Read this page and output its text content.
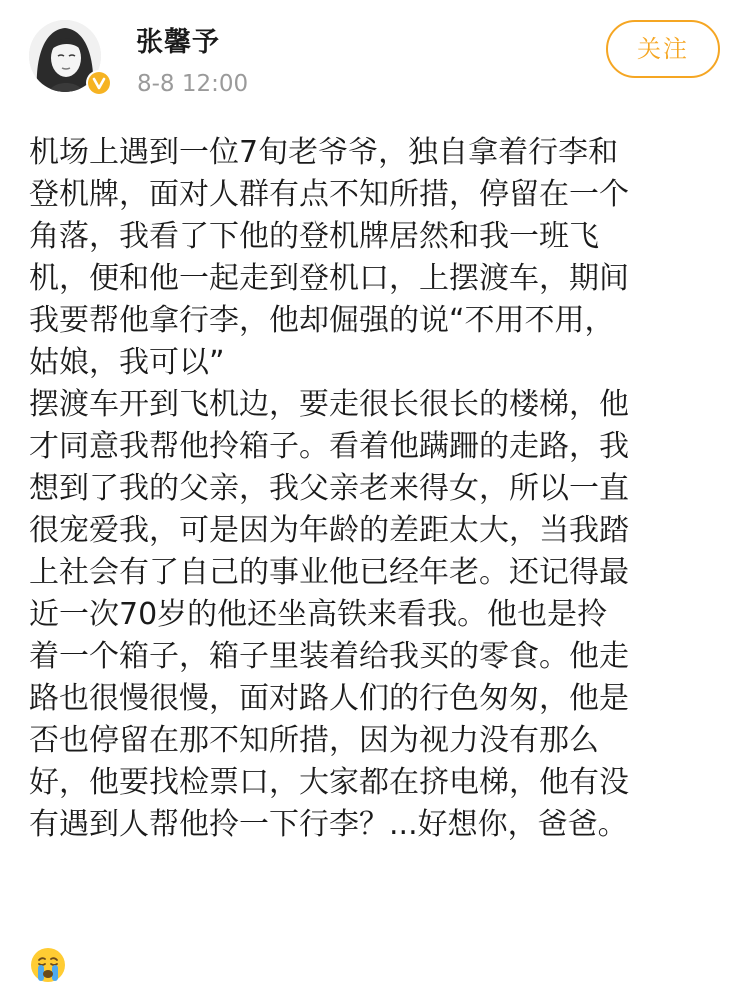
张馨予
8-8 12:00
关注
机场上遇到一位7旬老爷爷，独自拿着行李和
登机牌，面对人群有点不知所措，停留在一个
角落，我看了下他的登机牌居然和我一班飞
机，便和他一起走到登机口，上摆渡车，期间
我要帮他拿行李，他却倔强的说“不用不用，
姑娘，我可以”
摆渡车开到飞机边，要走很长很长的楼梯，他
才同意我帮他拎箱子。看着他蹒跚的走路，我
想到了我的父亲，我父亲老来得女，所以一直
很宠爱我，可是因为年龄的差距太大，当我踏
上社会有了自己的事业他已经年老。还记得最
近一次70岁的他还坐高铁来看我。他也是拎
着一个箱子，箱子里装着给我买的零食。他走
路也很慢很慢，面对路人们的行色匆匆，他是
否也停留在那不知所措，因为视力没有那么
好，他要找检票口，大家都在挤电梯，他有没
有遇到人帮他拎一下行李？...好想你，爸爸。
